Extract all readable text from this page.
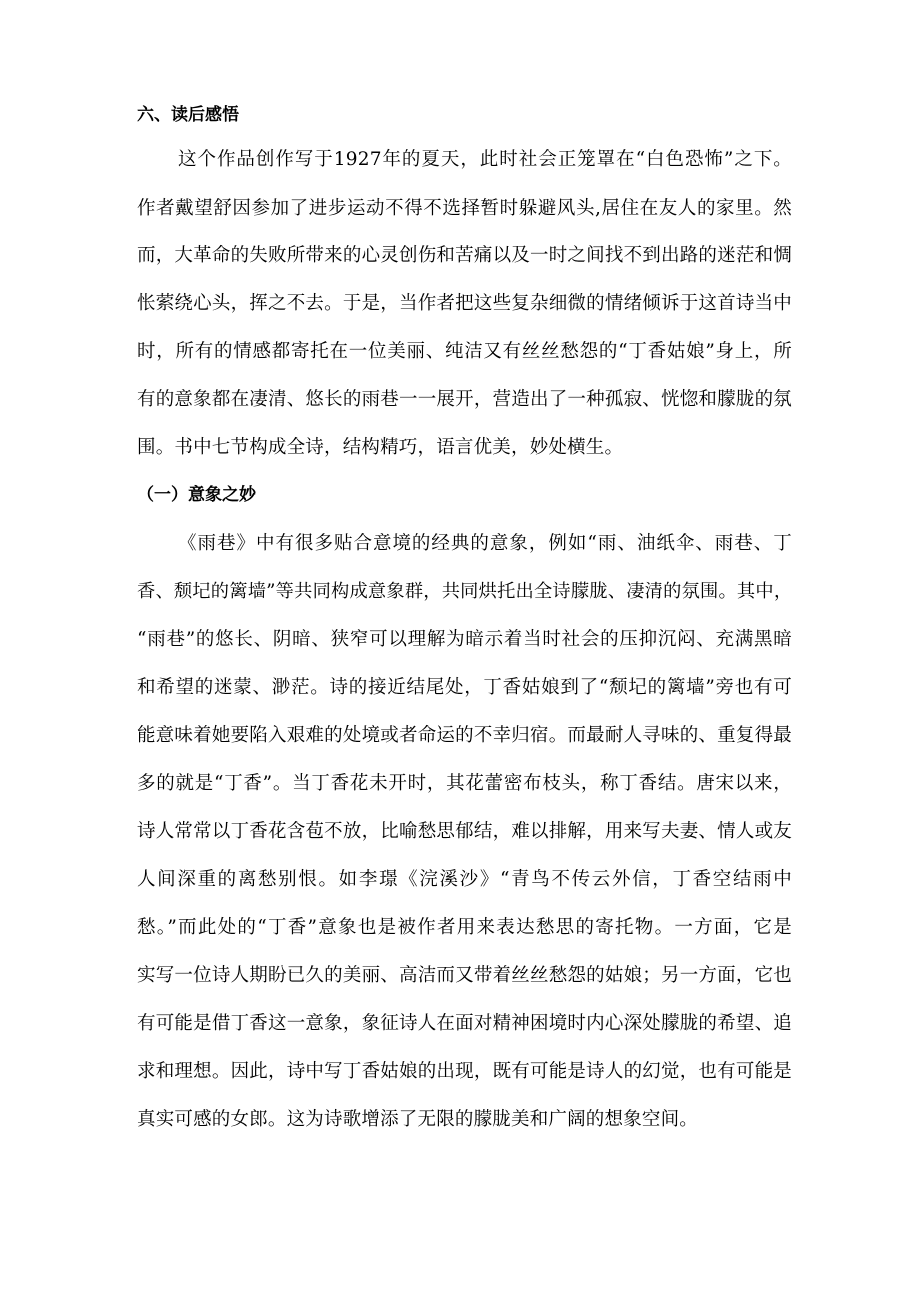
六、读后感悟
这个作品创作写于1927年的夏天，此时社会正笼罩在“白色恐怖”之下。
作者戴望舒因参加了进步运动不得不选择暂时躲避风头,居住在友人的家里。然
而，大革命的失败所带来的心灵创伤和苦痛以及一时之间找不到出路的迷茫和惆
怅萦绕心头，挥之不去。于是，当作者把这些复杂细微的情绪倾诉于这首诗当中
时，所有的情感都寄托在一位美丽、纯洁又有丝丝愁怨的“丁香姑娘”身上，所
有的意象都在凄清、悠长的雨巷一一展开，营造出了一种孤寂、恍惚和朦胧的氛
围。书中七节构成全诗，结构精巧，语言优美，妙处横生。
（一）意象之妙
《雨巷》中有很多贴合意境的经典的意象，例如“雨、油纸伞、雨巷、丁
香、颓圮的篱墙”等共同构成意象群，共同烘托出全诗朦胧、凄清的氛围。其中，
“雨巷”的悠长、阴暗、狭窄可以理解为暗示着当时社会的压抑沉闷、充满黑暗
和希望的迷蒙、渺茫。诗的接近结尾处，丁香姑娘到了“颓圮的篱墙”旁也有可
能意味着她要陷入艰难的处境或者命运的不幸归宿。而最耐人寻味的、重复得最
多的就是“丁香”。当丁香花未开时，其花蕾密布枝头，称丁香结。唐宋以来，
诗人常常以丁香花含苞不放，比喻愁思郁结，难以排解，用来写夫妻、情人或友
人间深重的离愁别恨。如李璟《浣溪沙》“青鸟不传云外信，丁香空结雨中
愁。”而此处的“丁香”意象也是被作者用来表达愁思的寄托物。一方面，它是
实写一位诗人期盼已久的美丽、高洁而又带着丝丝愁怨的姑娘；另一方面，它也
有可能是借丁香这一意象，象征诗人在面对精神困境时内心深处朦胧的希望、追
求和理想。因此，诗中写丁香姑娘的出现，既有可能是诗人的幻觉，也有可能是
真实可感的女郎。这为诗歌增添了无限的朦胧美和广阔的想象空间。
